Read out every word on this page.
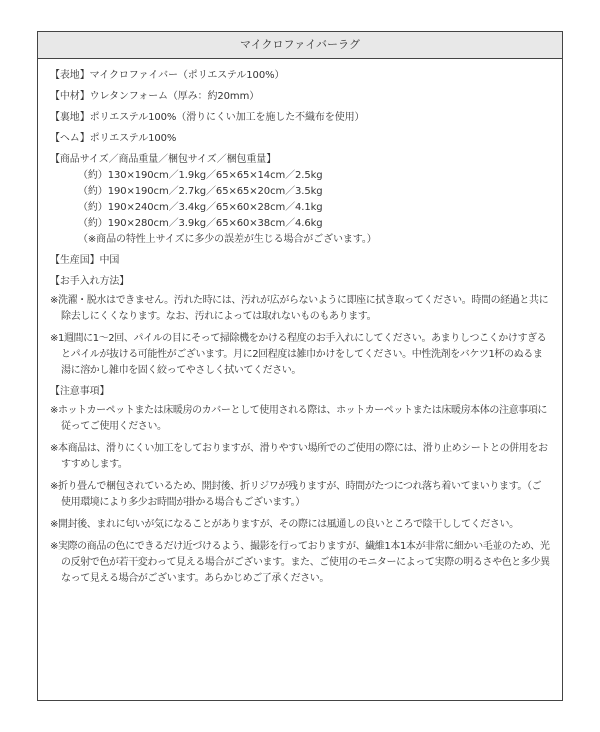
マイクロファイバーラグ
【表地】マイクロファイバー（ポリエステル100%）
【中材】ウレタンフォーム（厚み：約20mm）
【裏地】ポリエステル100%（滑りにくい加工を施した不織布を使用）
【ヘム】ポリエステル100%
【商品サイズ／商品重量／梱包サイズ／梱包重量】
（約）130×190cm／1.9kg／65×65×14cm／2.5kg
（約）190×190cm／2.7kg／65×65×20cm／3.5kg
（約）190×240cm／3.4kg／65×60×28cm／4.1kg
（約）190×280cm／3.9kg／65×60×38cm／4.6kg
（※商品の特性上サイズに多少の誤差が生じる場合がございます。）
【生産国】中国
【お手入れ方法】
※洗濯・脱水はできません。汚れた時には、汚れが広がらないように即座に拭き取ってください。時間の経過と共に除去しにくくなります。なお、汚れによっては取れないものもあります。
※1週間に1～2回、パイルの目にそって掃除機をかける程度のお手入れにしてください。あまりしつこくかけすぎるとパイルが抜ける可能性がございます。月に2回程度は雑巾かけをしてください。中性洗剤をバケツ1杯のぬるま湯に溶かし雑巾を固く絞ってやさしく拭いてください。
【注意事項】
※ホットカーペットまたは床暖房のカバーとして使用される際は、ホットカーペットまたは床暖房本体の注意事項に従ってご使用ください。
※本商品は、滑りにくい加工をしておりますが、滑りやすい場所でのご使用の際には、滑り止めシートとの併用をおすすめします。
※折り畳んで梱包されているため、開封後、折リジワが残りますが、時間がたつにつれ落ち着いてまいります。（ご使用環境により多少お時間が掛かる場合もございます。）
※開封後、まれに匂いが気になることがありますが、その際には風通しの良いところで陰干ししてください。
※実際の商品の色にできるだけ近づけるよう、撮影を行っておりますが、繊維1本1本が非常に細かい毛並のため、光の反射で色が若干変わって見える場合がございます。また、ご使用のモニターによって実際の明るさや色と多少異なって見える場合がございます。あらかじめご了承ください。
